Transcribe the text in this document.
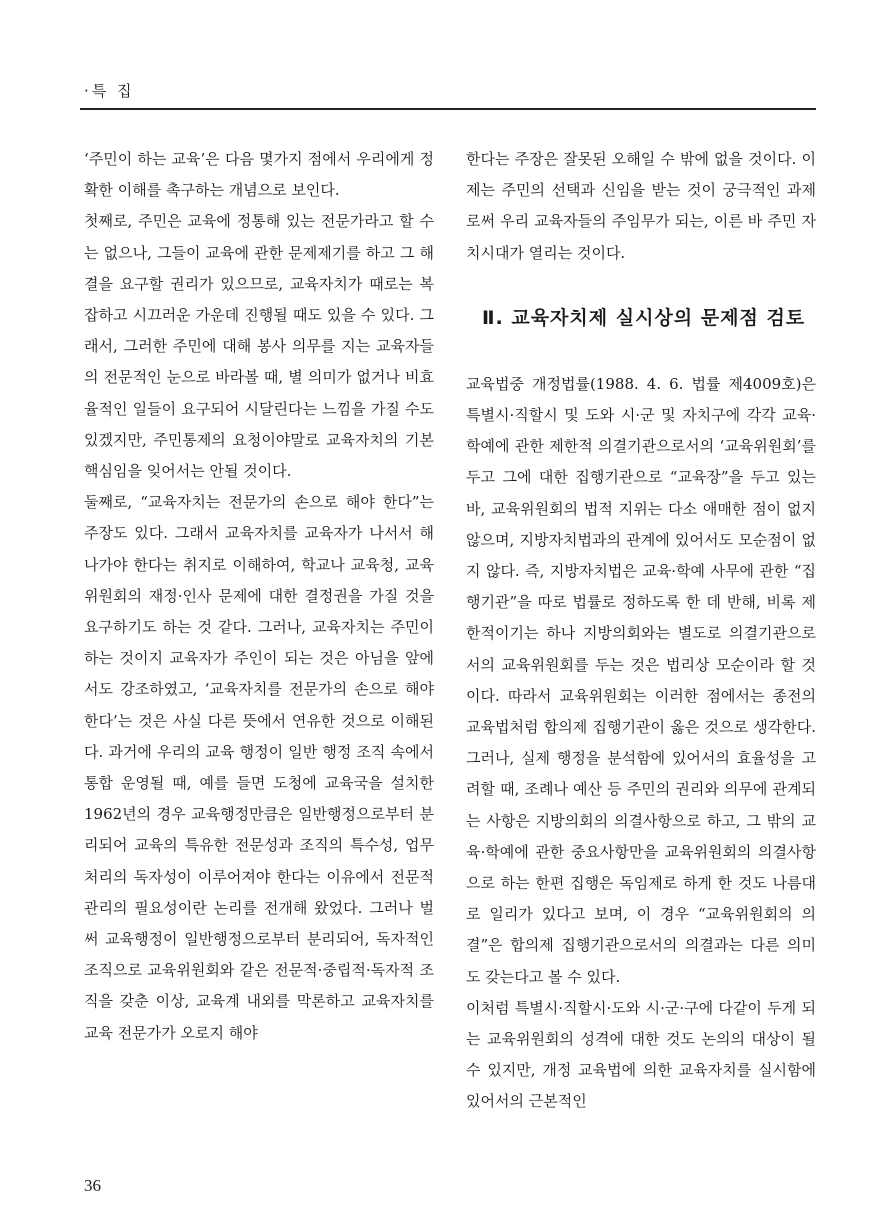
·특 집

‘주민이 하는 교육’은 다음 몇가지 점에서 우리에게 정확한 이해를 촉구하는 개념으로 보인다.

첫째로, 주민은 교육에 정통해 있는 전문가라고 할 수는 없으나, 그들이 교육에 관한 문제제기를 하고 그 해결을 요구할 권리가 있으므로, 교육자치가 때로는 복잡하고 시끄러운 가운데 진행될 때도 있을 수 있다. 그래서, 그러한 주민에 대해 봉사 의무를 지는 교육자들의 전문적인 눈으로 바라볼 때, 별 의미가 없거나 비효율적인 일들이 요구되어 시달린다는 느낌을 가질 수도 있겠지만, 주민통제의 요청이야말로 교육자치의 기본 핵심임을 잊어서는 안될 것이다.

둘째로, “교육자치는 전문가의 손으로 해야 한다”는 주장도 있다. 그래서 교육자치를 교육자가 나서서 해나가야 한다는 취지로 이해하여, 학교나 교육청, 교육위원회의 재정·인사 문제에 대한 결정권을 가질 것을 요구하기도 하는 것 같다. 그러나, 교육자치는 주민이 하는 것이지 교육자가 주인이 되는 것은 아님을 앞에서도 강조하였고, ‘교육자치를 전문가의 손으로 해야 한다’는 것은 사실 다른 뜻에서 연유한 것으로 이해된다. 과거에 우리의 교육 행정이 일반 행정 조직 속에서 통합 운영될 때, 예를 들면 도청에 교육국을 설치한 1962년의 경우 교육행정만큼은 일반행정으로부터 분리되어 교육의 특유한 전문성과 조직의 특수성, 업무처리의 독자성이 이루어져야 한다는 이유에서 전문적 관리의 필요성이란 논리를 전개해 왔었다. 그러나 벌써 교육행정이 일반행정으로부터 분리되어, 독자적인 조직으로 교육위원회와 같은 전문적·중립적·독자적 조직을 갖춘 이상, 교육계 내외를 막론하고 교육자치를 교육 전문가가 오로지 해야

한다는 주장은 잘못된 오해일 수 밖에 없을 것이다. 이제는 주민의 선택과 신임을 받는 것이 궁극적인 과제로써 우리 교육자들의 주임무가 되는, 이른 바 주민 자치시대가 열리는 것이다.

Ⅱ. 교육자치제 실시상의 문제점 검토

교육법중 개정법률(1988. 4. 6. 법률 제4009호)은 특별시·직할시 및 도와 시·군 및 자치구에 각각 교육·학예에 관한 제한적 의결기관으로서의 ‘교육위원회’를 두고 그에 대한 집행기관으로 “교육장”을 두고 있는 바, 교육위원회의 법적 지위는 다소 애매한 점이 없지 않으며, 지방자치법과의 관계에 있어서도 모순점이 없지 않다. 즉, 지방자치법은 교육·학예 사무에 관한 “집행기관”을 따로 법률로 정하도록 한 데 반해, 비록 제한적이기는 하나 지방의회와는 별도로 의결기관으로서의 교육위원회를 두는 것은 법리상 모순이라 할 것이다. 따라서 교육위원회는 이러한 점에서는 종전의 교육법처럼 합의제 집행기관이 옳은 것으로 생각한다. 그러나, 실제 행정을 분석함에 있어서의 효율성을 고려할 때, 조례나 예산 등 주민의 권리와 의무에 관계되는 사항은 지방의회의 의결사항으로 하고, 그 밖의 교육·학예에 관한 중요사항만을 교육위원회의 의결사항으로 하는 한편 집행은 독임제로 하게 한 것도 나름대로 일리가 있다고 보며, 이 경우 “교육위원회의 의결”은 합의제 집행기관으로서의 의결과는 다른 의미도 갖는다고 볼 수 있다.

이처럼 특별시·직할시·도와 시·군·구에 다같이 두게 되는 교육위원회의 성격에 대한 것도 논의의 대상이 될 수 있지만, 개정 교육법에 의한 교육자치를 실시함에 있어서의 근본적인

36
